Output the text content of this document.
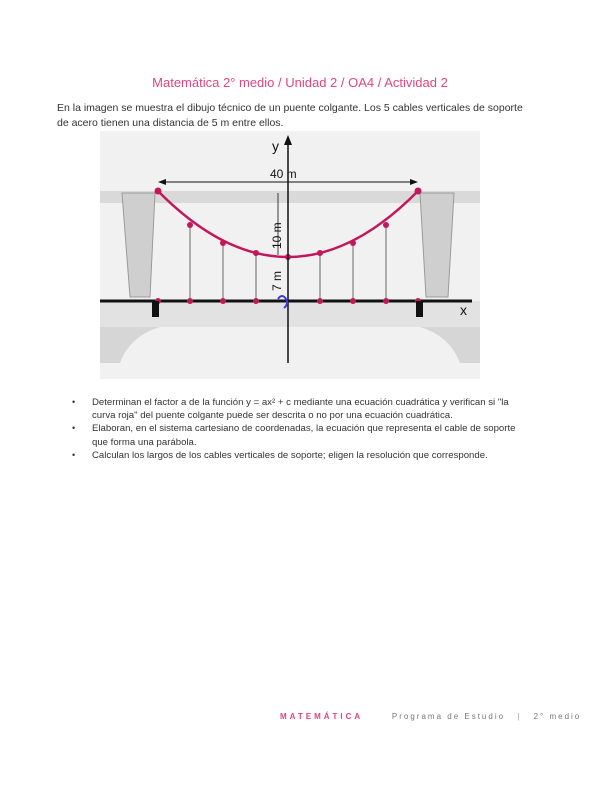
Matemática 2° medio / Unidad 2 / OA4 / Actividad 2
En la imagen se muestra el dibujo técnico de un puente colgante. Los 5 cables verticales de soporte de acero tienen una distancia de 5 m entre ellos.
y
x
40 m
10 m
7 m
• Determinan el factor a de la función y = ax² + c mediante una ecuación cuadrática y verifican si "la curva roja" del puente colgante puede ser descrita o no por una ecuación cuadrática.
• Elaboran, en el sistema cartesiano de coordenadas, la ecuación que representa el cable de soporte que forma una parábola.
• Calculan los largos de los cables verticales de soporte; eligen la resolución que corresponde.
MATEMÁTICA	Programa de Estudio | 2° medio
